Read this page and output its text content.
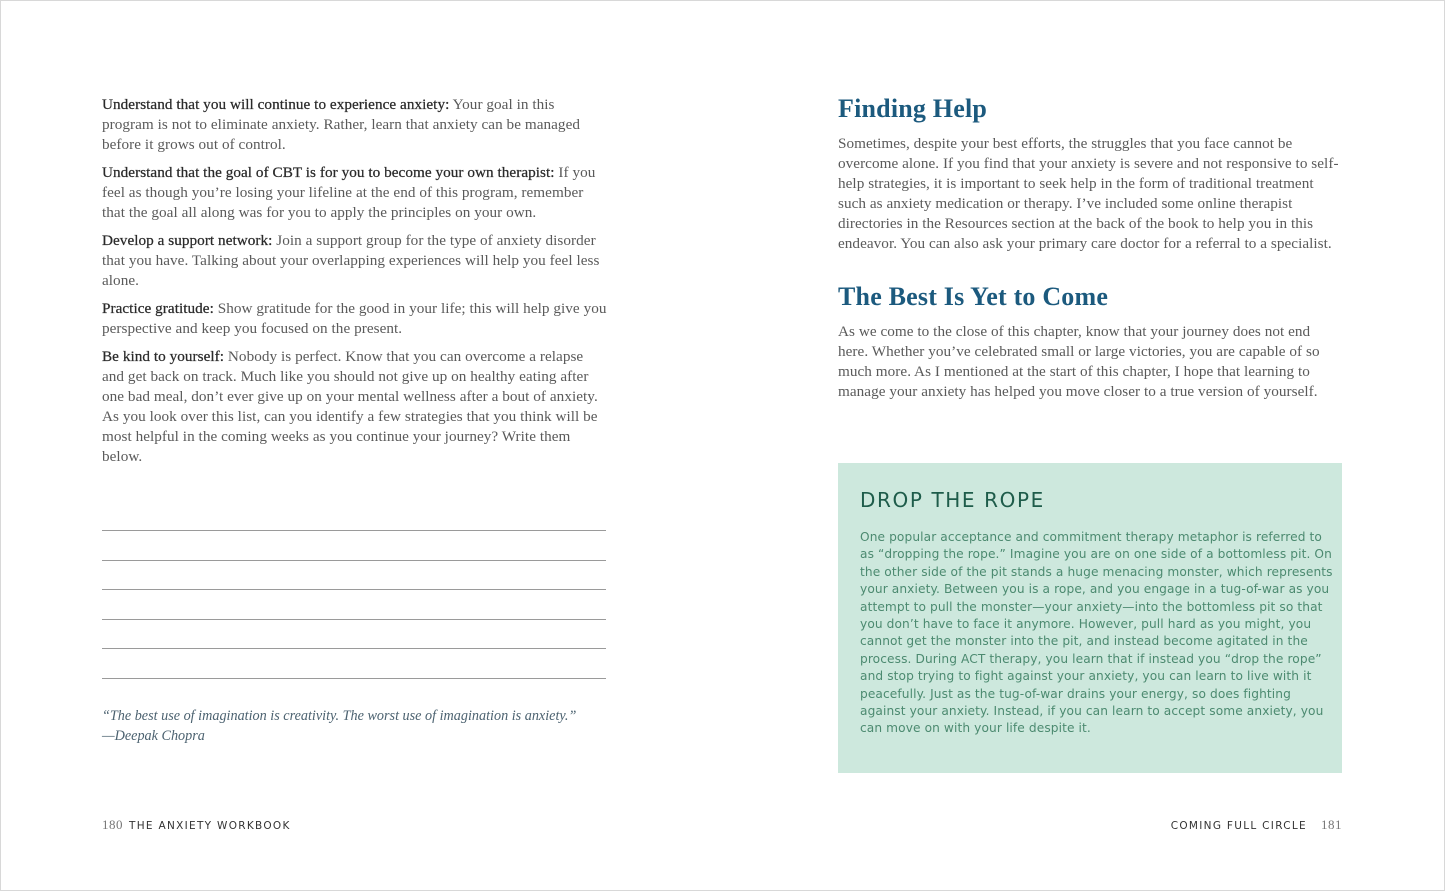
Understand that you will continue to experience anxiety: Your goal in this program is not to eliminate anxiety. Rather, learn that anxiety can be managed before it grows out of control.

Understand that the goal of CBT is for you to become your own therapist: If you feel as though you’re losing your lifeline at the end of this program, remember that the goal all along was for you to apply the principles on your own.

Develop a support network: Join a support group for the type of anxiety disorder that you have. Talking about your overlapping experiences will help you feel less alone.

Practice gratitude: Show gratitude for the good in your life; this will help give you perspective and keep you focused on the present.

Be kind to yourself: Nobody is perfect. Know that you can overcome a relapse and get back on track. Much like you should not give up on healthy eating after one bad meal, don’t ever give up on your mental wellness after a bout of anxiety. As you look over this list, can you identify a few strategies that you think will be most helpful in the coming weeks as you continue your journey? Write them below.

“The best use of imagination is creativity. The worst use of imagination is anxiety.”
—Deepak Chopra
180 THE ANXIETY WORKBOOK
Finding Help

Sometimes, despite your best efforts, the struggles that you face cannot be overcome alone. If you find that your anxiety is severe and not responsive to self-help strategies, it is important to seek help in the form of traditional treatment such as anxiety medication or therapy. I’ve included some online therapist directories in the Resources section at the back of the book to help you in this endeavor. You can also ask your primary care doctor for a referral to a specialist.

The Best Is Yet to Come

As we come to the close of this chapter, know that your journey does not end here. Whether you’ve celebrated small or large victories, you are capable of so much more. As I mentioned at the start of this chapter, I hope that learning to manage your anxiety has helped you move closer to a true version of yourself.

DROP THE ROPE
One popular acceptance and commitment therapy metaphor is referred to as “dropping the rope.” Imagine you are on one side of a bottomless pit. On the other side of the pit stands a huge menacing monster, which represents your anxiety. Between you is a rope, and you engage in a tug-of-war as you attempt to pull the monster—your anxiety—into the bottomless pit so that you don’t have to face it anymore. However, pull hard as you might, you cannot get the monster into the pit, and instead become agitated in the process. During ACT therapy, you learn that if instead you “drop the rope” and stop trying to fight against your anxiety, you can learn to live with it peacefully. Just as the tug-of-war drains your energy, so does fighting against your anxiety. Instead, if you can learn to accept some anxiety, you can move on with your life despite it.
COMING FULL CIRCLE 181
